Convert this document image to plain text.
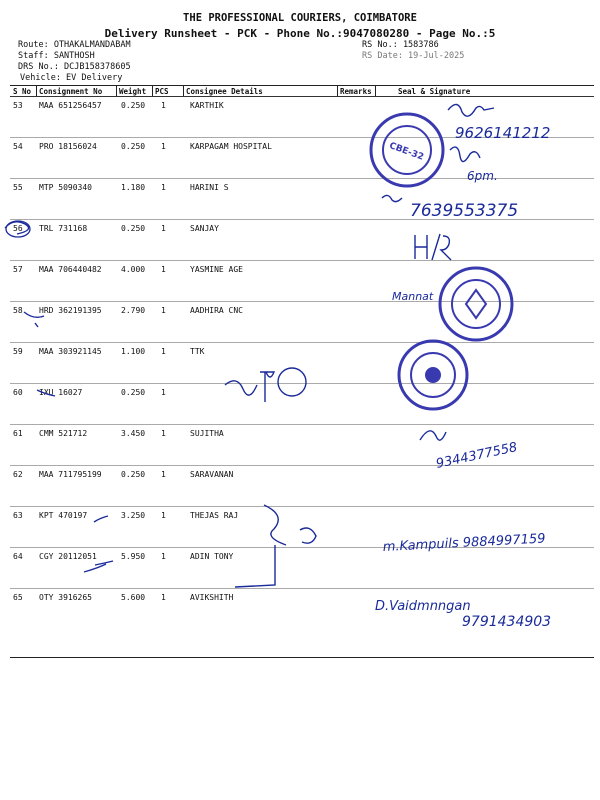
THE PROFESSIONAL COURIERS, COIMBATORE
Delivery Runsheet - PCK - Phone No.:9047080280 - Page No.:5
Route: OTHAKALMANDABAM
Staff: SANTHOSH
DRS No.: DCJB158378605
Vehicle: EV Delivery
RS No.: 1583786
RS Date: 19-Jul-2025
S No Consignment No Weight PCS Consignee Details	Remarks	Seal & Signature
53 MAA 651256457 0.250 1	KARTHIK
54 PRO 18156024	0.250 1	KARPAGAM HOSPITAL
55 MTP 5090340	1.180 1	HARINI S
56 TRL 731168	0.250 1	SANJAY
57 MAA 706440482 4.000 1	YASMINE AGE
58 HRD 362191395 2.790 1	AADHIRA CNC
59 MAA 303921145 1.100 1	TTK
60 IXU 16027	0.250 1
61 CMM 521712	3.450 1	SUJITHA
62 MAA 711795199 0.250 1	SARAVANAN
63 KPT 470197	3.250 1	THEJAS RAJ
64 CGY 20112051	5.950 1	ADIN TONY
65 OTY 3916265	5.600 1	AVIKSHITH
CBE-32
9626141212
6pm.
7639553375
Mannat
9344377558
m.Kampuils 9884997159
D.Vaidmnngan
9791434903
